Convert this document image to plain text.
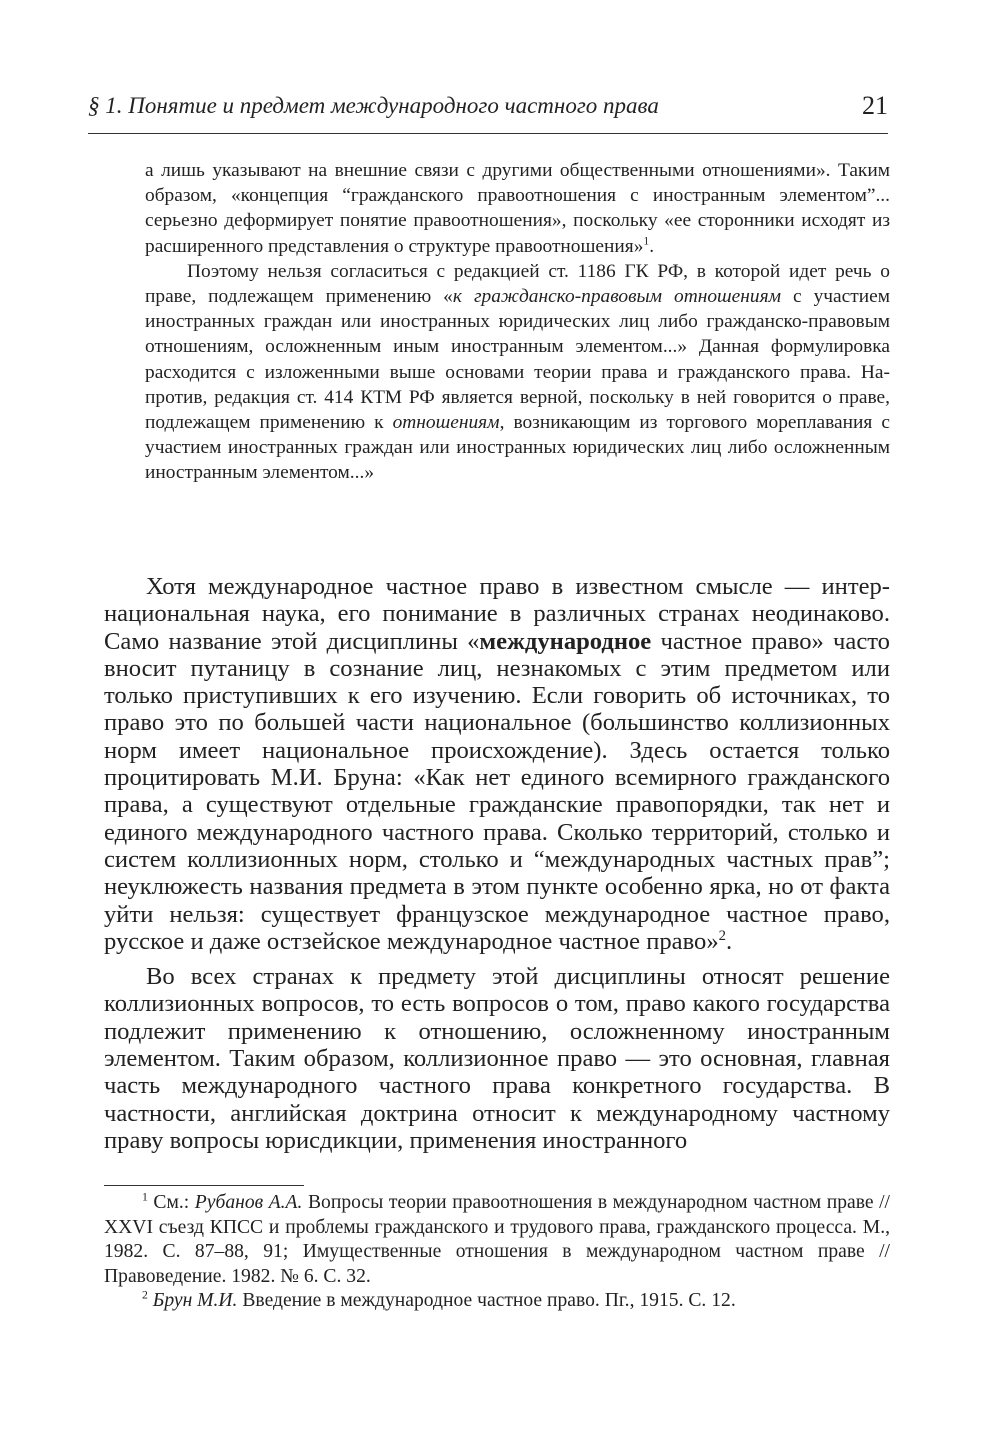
§ 1. Понятие и предмет международного частного права	21

а лишь указывают на внешние связи с другими общественными отношениями». Таким образом, «концепция “гражданского правоотношения с иностранным элементом”... серьезно деформирует понятие правоотношения», поскольку «ее сторонники исходят из расширенного представления о структуре правоотношения»$^1$.

Поэтому нельзя согласиться с редакцией ст. 1186 ГК РФ, в которой идет речь о праве, подлежащем применению «к гражданско-правовым отношениям с участием иностранных граждан или иностранных юридических лиц либо гражданско-правовым отношениям, осложненным иным иностранным элементом...» Данная формулировка расходится с изложенными выше основами теории права и гражданского права. Напротив, редакция ст. 414 КТМ РФ является верной, поскольку в ней говорится о праве, подлежащем применению к отношениям, возникающим из торгового мореплавания с участием иностранных граждан или иностранных юридических лиц либо осложненным иностранным элементом...»

Хотя международное частное право в известном смысле — интернациональная наука, его понимание в различных странах неодинаково. Само название этой дисциплины «международное частное право» часто вносит путаницу в сознание лиц, незнакомых с этим предметом или только приступивших к его изучению. Если говорить об источниках, то право это по большей части национальное (большинство коллизионных норм имеет национальное происхождение). Здесь остается только процитировать М.И. Бруна: «Как нет единого всемирного гражданского права, а существуют отдельные гражданские правопорядки, так нет и единого международного частного права. Сколько территорий, столько и систем коллизионных норм, столько и “международных частных прав”; неуклюжесть названия предмета в этом пункте особенно ярка, но от факта уйти нельзя: существует французское международное частное право, русское и даже остзейское международное частное право»$^2$.

Во всех странах к предмету этой дисциплины относят решение коллизионных вопросов, то есть вопросов о том, право какого государства подлежит применению к отношению, осложненному иностранным элементом. Таким образом, коллизионное право — это основная, главная часть международного частного права конкретного государства. В частности, английская доктрина относит к международному частному праву вопросы юрисдикции, применения иностранного

$^1$ См.: Рубанов А.А. Вопросы теории правоотношения в международном частном праве // XXVI съезд КПСС и проблемы гражданского и трудового права, гражданского процесса. М., 1982. С. 87–88, 91; Имущественные отношения в международном частном праве // Правоведение. 1982. № 6. С. 32.

$^2$ Брун М.И. Введение в международное частное право. Пг., 1915. С. 12.
